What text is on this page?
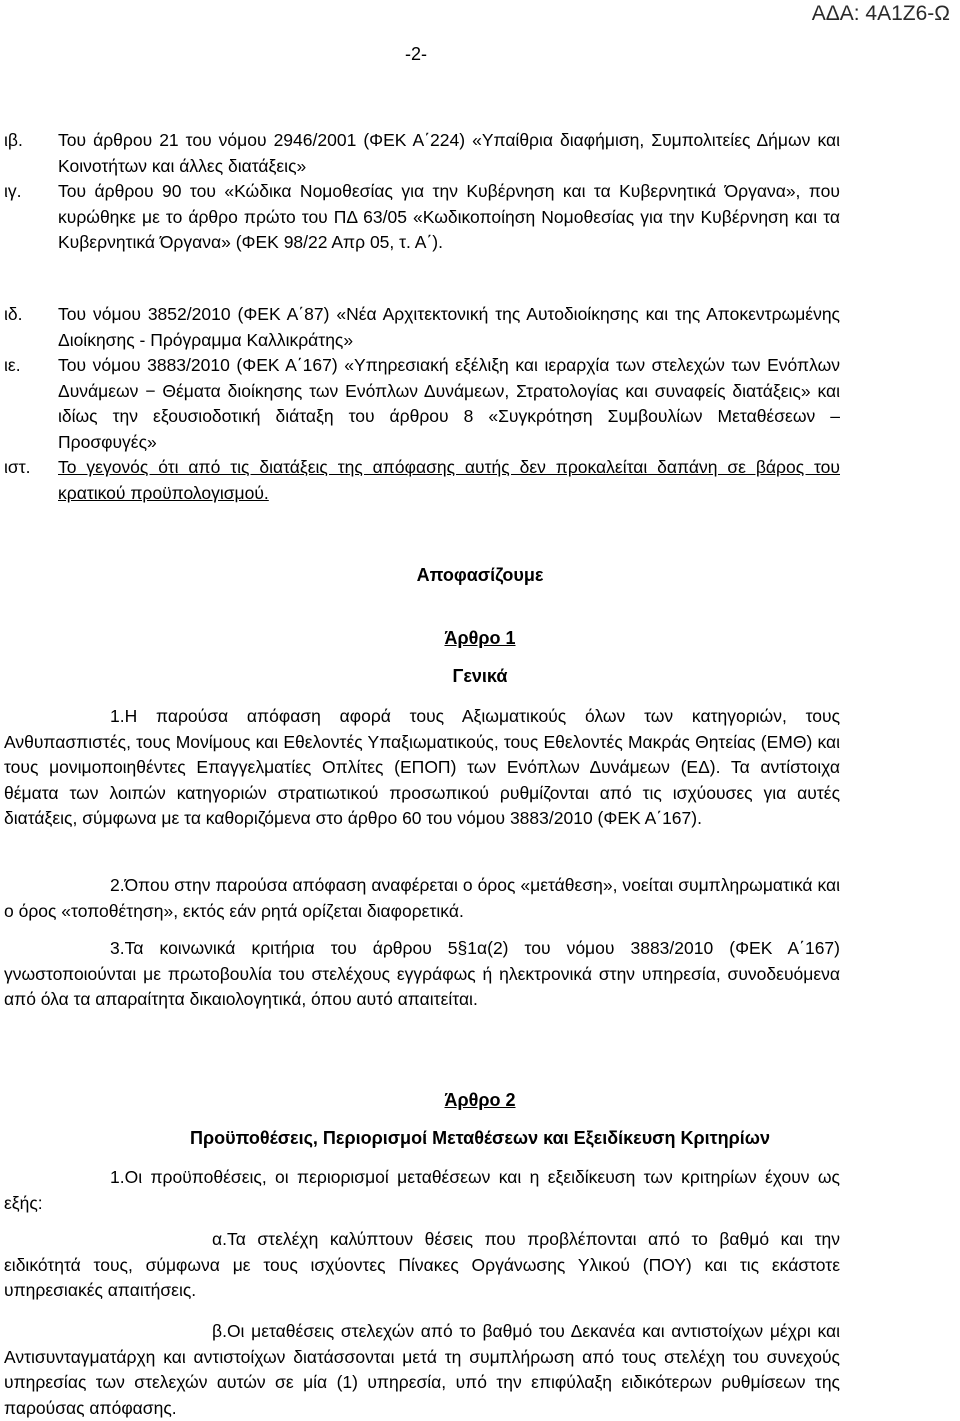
ΑΔΑ: 4Α1Ζ6-Ω
-2-
ιβ. Του άρθρου 21 του νόμου 2946/2001 (ΦΕΚ Α΄224) «Υπαίθρια διαφήμιση, Συμπολιτείες Δήμων και Κοινοτήτων και άλλες διατάξεις»
ιγ. Του άρθρου 90 του «Κώδικα Νομοθεσίας για την Κυβέρνηση και τα Κυβερνητικά Όργανα», που κυρώθηκε με το άρθρο πρώτο του ΠΔ 63/05 «Κωδικοποίηση Νομοθεσίας για την Κυβέρνηση και τα Κυβερνητικά Όργανα» (ΦΕΚ 98/22 Απρ 05, τ. Α΄).
ιδ. Του νόμου 3852/2010 (ΦΕΚ Α΄87) «Νέα Αρχιτεκτονική της Αυτοδιοίκησης και της Αποκεντρωμένης Διοίκησης - Πρόγραμμα Καλλικράτης»
ιε. Του νόμου 3883/2010 (ΦΕΚ Α΄167) «Υπηρεσιακή εξέλιξη και ιεραρχία των στελεχών των Ενόπλων Δυνάμεων − Θέματα διοίκησης των Ενόπλων Δυνάμεων, Στρατολογίας και συναφείς διατάξεις» και ιδίως την εξουσιοδοτική διάταξη του άρθρου 8 «Συγκρότηση Συμβουλίων Μεταθέσεων – Προσφυγές»
ιστ. Το γεγονός ότι από τις διατάξεις της απόφασης αυτής δεν προκαλείται δαπάνη σε βάρος του κρατικού προϋπολογισμού.
Αποφασίζουμε
Άρθρο 1
Γενικά
1.Η παρούσα απόφαση αφορά τους Αξιωματικούς όλων των κατηγοριών, τους Ανθυπασπιστές, τους Μονίμους και Εθελοντές Υπαξιωματικούς, τους Εθελοντές Μακράς Θητείας (ΕΜΘ) και τους μονιμοποιηθέντες Επαγγελματίες Οπλίτες (ΕΠΟΠ) των Ενόπλων Δυνάμεων (ΕΔ). Τα αντίστοιχα θέματα των λοιπών κατηγοριών στρατιωτικού προσωπικού ρυθμίζονται από τις ισχύουσες για αυτές διατάξεις, σύμφωνα με τα καθοριζόμενα στο άρθρο 60 του νόμου 3883/2010 (ΦΕΚ Α΄167).
2.Όπου στην παρούσα απόφαση αναφέρεται ο όρος «μετάθεση», νοείται συμπληρωματικά και ο όρος «τοποθέτηση», εκτός εάν ρητά ορίζεται διαφορετικά.
3.Τα κοινωνικά κριτήρια του άρθρου 5§1α(2) του νόμου 3883/2010 (ΦΕΚ Α΄167) γνωστοποιούνται με πρωτοβουλία του στελέχους εγγράφως ή ηλεκτρονικά στην υπηρεσία, συνοδευόμενα από όλα τα απαραίτητα δικαιολογητικά, όπου αυτό απαιτείται.
Άρθρο 2
Προϋποθέσεις, Περιορισμοί Μεταθέσεων και Εξειδίκευση Κριτηρίων
1.Οι προϋποθέσεις, οι περιορισμοί μεταθέσεων και η εξειδίκευση των κριτηρίων έχουν ως εξής:
α.Τα στελέχη καλύπτουν θέσεις που προβλέπονται από το βαθμό και την ειδικότητά τους, σύμφωνα με τους ισχύοντες Πίνακες Οργάνωσης Υλικού (ΠΟΥ) και τις εκάστοτε υπηρεσιακές απαιτήσεις.
β.Οι μεταθέσεις στελεχών από το βαθμό του Δεκανέα και αντιστοίχων μέχρι και Αντισυνταγματάρχη και αντιστοίχων διατάσσονται μετά τη συμπλήρωση από τους στελέχη του συνεχούς υπηρεσίας των στελεχών αυτών σε μία (1) υπηρεσία, υπό την επιφύλαξη ειδικότερων ρυθμίσεων της παρούσας απόφασης.
